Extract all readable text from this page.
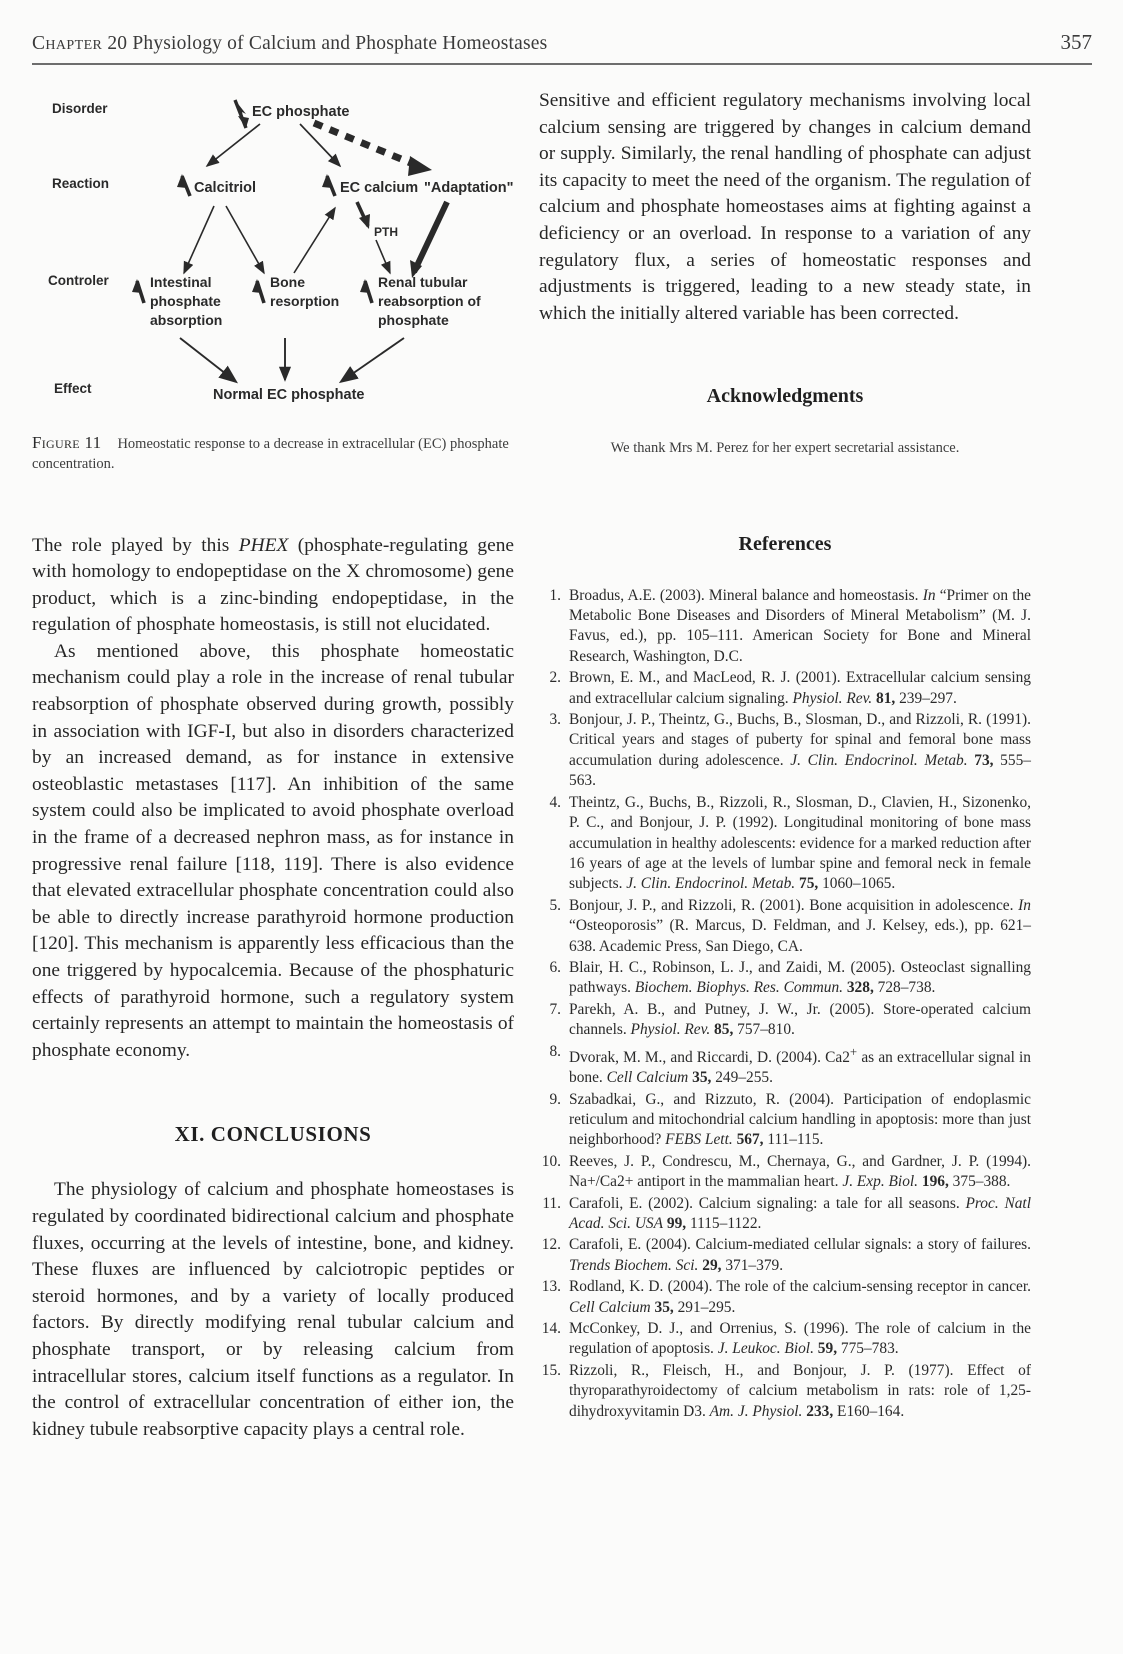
Chapter 20 Physiology of Calcium and Phosphate Homeostases	357
Disorder
Reaction
Controler
Effect
EC phosphate
Calcitriol	EC calcium "Adaptation"
PTH
Intestinal
phosphate
absorption
Bone
resorption
Renal tubular
reabsorption of
phosphate
Normal EC phosphate
Figure 11 Homeostatic response to a decrease in extracellular (EC) phosphate concentration.

The role played by this PHEX (phosphate-regulating gene with homology to endopeptidase on the X chromosome) gene product, which is a zinc-binding endopeptidase, in the regulation of phosphate homeostasis, is still not elucidated.

As mentioned above, this phosphate homeostatic mechanism could play a role in the increase of renal tubular reabsorption of phosphate observed during growth, possibly in association with IGF-I, but also in disorders characterized by an increased demand, as for instance in extensive osteoblastic metastases [117]. An inhibition of the same system could also be implicated to avoid phosphate overload in the frame of a decreased nephron mass, as for instance in progressive renal failure [118, 119]. There is also evidence that elevated extracellular phosphate concentration could also be able to directly increase parathyroid hormone production [120]. This mechanism is apparently less efficacious than the one triggered by hypocalcemia. Because of the phosphaturic effects of parathyroid hormone, such a regulatory system certainly represents an attempt to maintain the homeostasis of phosphate economy.

XI. CONCLUSIONS

The physiology of calcium and phosphate homeostases is regulated by coordinated bidirectional calcium and phosphate fluxes, occurring at the levels of intestine, bone, and kidney. These fluxes are influenced by calciotropic peptides or steroid hormones, and by a variety of locally produced factors. By directly modifying renal tubular calcium and phosphate transport, or by releasing calcium from intracellular stores, calcium itself functions as a regulator. In the control of extracellular concentration of either ion, the kidney tubule reabsorptive capacity plays a central role.

Sensitive and efficient regulatory mechanisms involving local calcium sensing are triggered by changes in calcium demand or supply. Similarly, the renal handling of phosphate can adjust its capacity to meet the need of the organism. The regulation of calcium and phosphate homeostases aims at fighting against a deficiency or an overload. In response to a variation of any regulatory flux, a series of homeostatic responses and adjustments is triggered, leading to a new steady state, in which the initially altered variable has been corrected.

Acknowledgments

We thank Mrs M. Perez for her expert secretarial assistance.

References
1. Broadus, A.E. (2003). Mineral balance and homeostasis. In “Primer on the Metabolic Bone Diseases and Disorders of Mineral Metabolism” (M. J. Favus, ed.), pp. 105–111. American Society for Bone and Mineral Research, Washington, D.C.
2. Brown, E. M., and MacLeod, R. J. (2001). Extracellular calcium sensing and extracellular calcium signaling. Physiol. Rev. 81, 239–297.
3. Bonjour, J. P., Theintz, G., Buchs, B., Slosman, D., and Rizzoli, R. (1991). Critical years and stages of puberty for spinal and femoral bone mass accumulation during adolescence. J. Clin. Endocrinol. Metab. 73, 555–563.
4. Theintz, G., Buchs, B., Rizzoli, R., Slosman, D., Clavien, H., Sizonenko, P. C., and Bonjour, J. P. (1992). Longitudinal monitoring of bone mass accumulation in healthy adolescents: evidence for a marked reduction after 16 years of age at the levels of lumbar spine and femoral neck in female subjects. J. Clin. Endocrinol. Metab. 75, 1060–1065.
5. Bonjour, J. P., and Rizzoli, R. (2001). Bone acquisition in adolescence. In “Osteoporosis” (R. Marcus, D. Feldman, and J. Kelsey, eds.), pp. 621–638. Academic Press, San Diego, CA.
6. Blair, H. C., Robinson, L. J., and Zaidi, M. (2005). Osteoclast signalling pathways. Biochem. Biophys. Res. Commun. 328, 728–738.
7. Parekh, A. B., and Putney, J. W., Jr. (2005). Store-operated calcium channels. Physiol. Rev. 85, 757–810.
8. Dvorak, M. M., and Riccardi, D. (2004). Ca2+ as an extracellular signal in bone. Cell Calcium 35, 249–255.
9. Szabadkai, G., and Rizzuto, R. (2004). Participation of endoplasmic reticulum and mitochondrial calcium handling in apoptosis: more than just neighborhood? FEBS Lett. 567, 111–115.
10. Reeves, J. P., Condrescu, M., Chernaya, G., and Gardner, J. P. (1994). Na+/Ca2+ antiport in the mammalian heart. J. Exp. Biol. 196, 375–388.
11. Carafoli, E. (2002). Calcium signaling: a tale for all seasons. Proc. Natl Acad. Sci. USA 99, 1115–1122.
12. Carafoli, E. (2004). Calcium-mediated cellular signals: a story of failures. Trends Biochem. Sci. 29, 371–379.
13. Rodland, K. D. (2004). The role of the calcium-sensing receptor in cancer. Cell Calcium 35, 291–295.
14. McConkey, D. J., and Orrenius, S. (1996). The role of calcium in the regulation of apoptosis. J. Leukoc. Biol. 59, 775–783.
15. Rizzoli, R., Fleisch, H., and Bonjour, J. P. (1977). Effect of thyroparathyroidectomy of calcium metabolism in rats: role of 1,25-dihydroxyvitamin D3. Am. J. Physiol. 233, E160–164.
